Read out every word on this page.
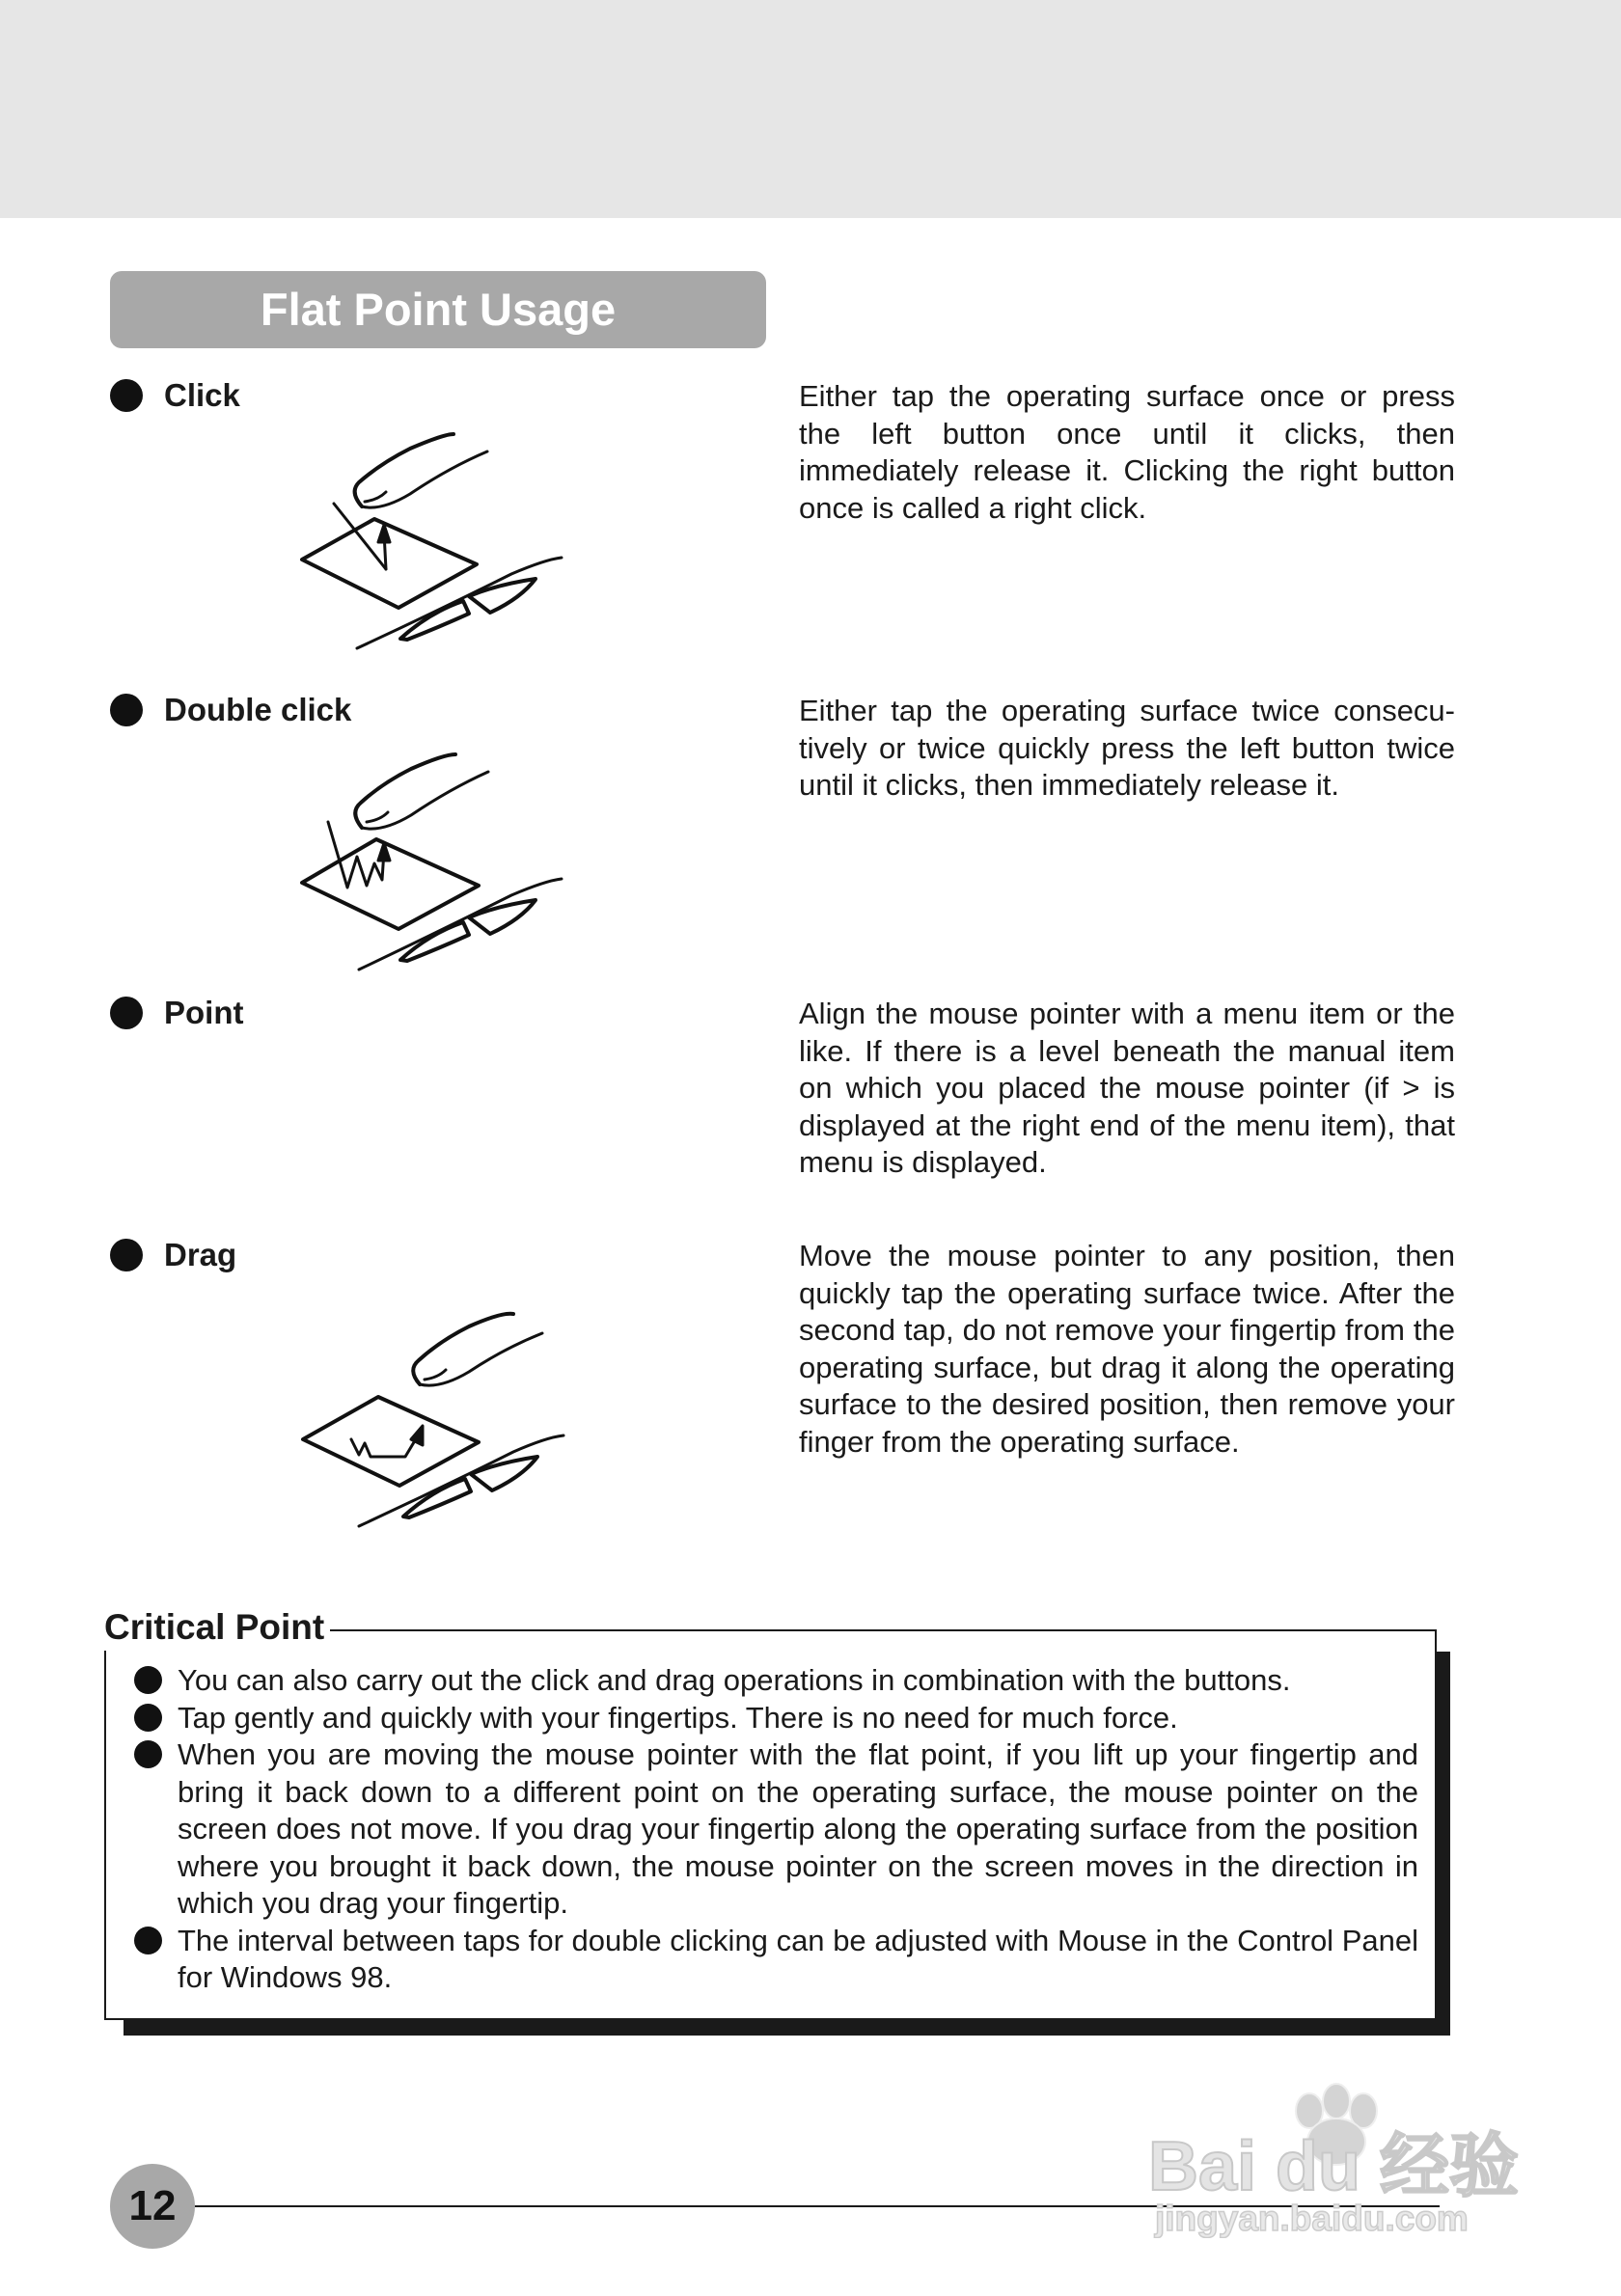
Flat Point Usage
Click	Either tap the operating surface once or press the left button once until it clicks, then immediately release it. Clicking the right button once is called a right click.
Double click	Either tap the operating surface twice consecu-tively or twice quickly press the left button twice until it clicks, then immediately release it.
Point	Align the mouse pointer with a menu item or the like. If there is a level beneath the manual item on which you placed the mouse pointer (if > is displayed at the right end of the menu item), that menu is displayed.
Drag	Move the mouse pointer to any position, then quickly tap the operating surface twice. After the second tap, do not remove your fingertip from the operating surface, but drag it along the operating surface to the desired position, then remove your finger from the operating surface.
You can also carry out the click and drag operations in combination with the buttons.
Tap gently and quickly with your fingertips. There is no need for much force.
When you are moving the mouse pointer with the flat point, if you lift up your fingertip and bring it back down to a different point on the operating surface, the mouse pointer on the screen does not move. If you drag your fingertip along the operating surface from the position where you brought it back down, the mouse pointer on the screen moves in the direction in which you drag your fingertip.
The interval between taps for double clicking can be adjusted with Mouse in the Control Panel for Windows 98.
Critical Point
12
Bai du 经验
jingyan.baidu.com
